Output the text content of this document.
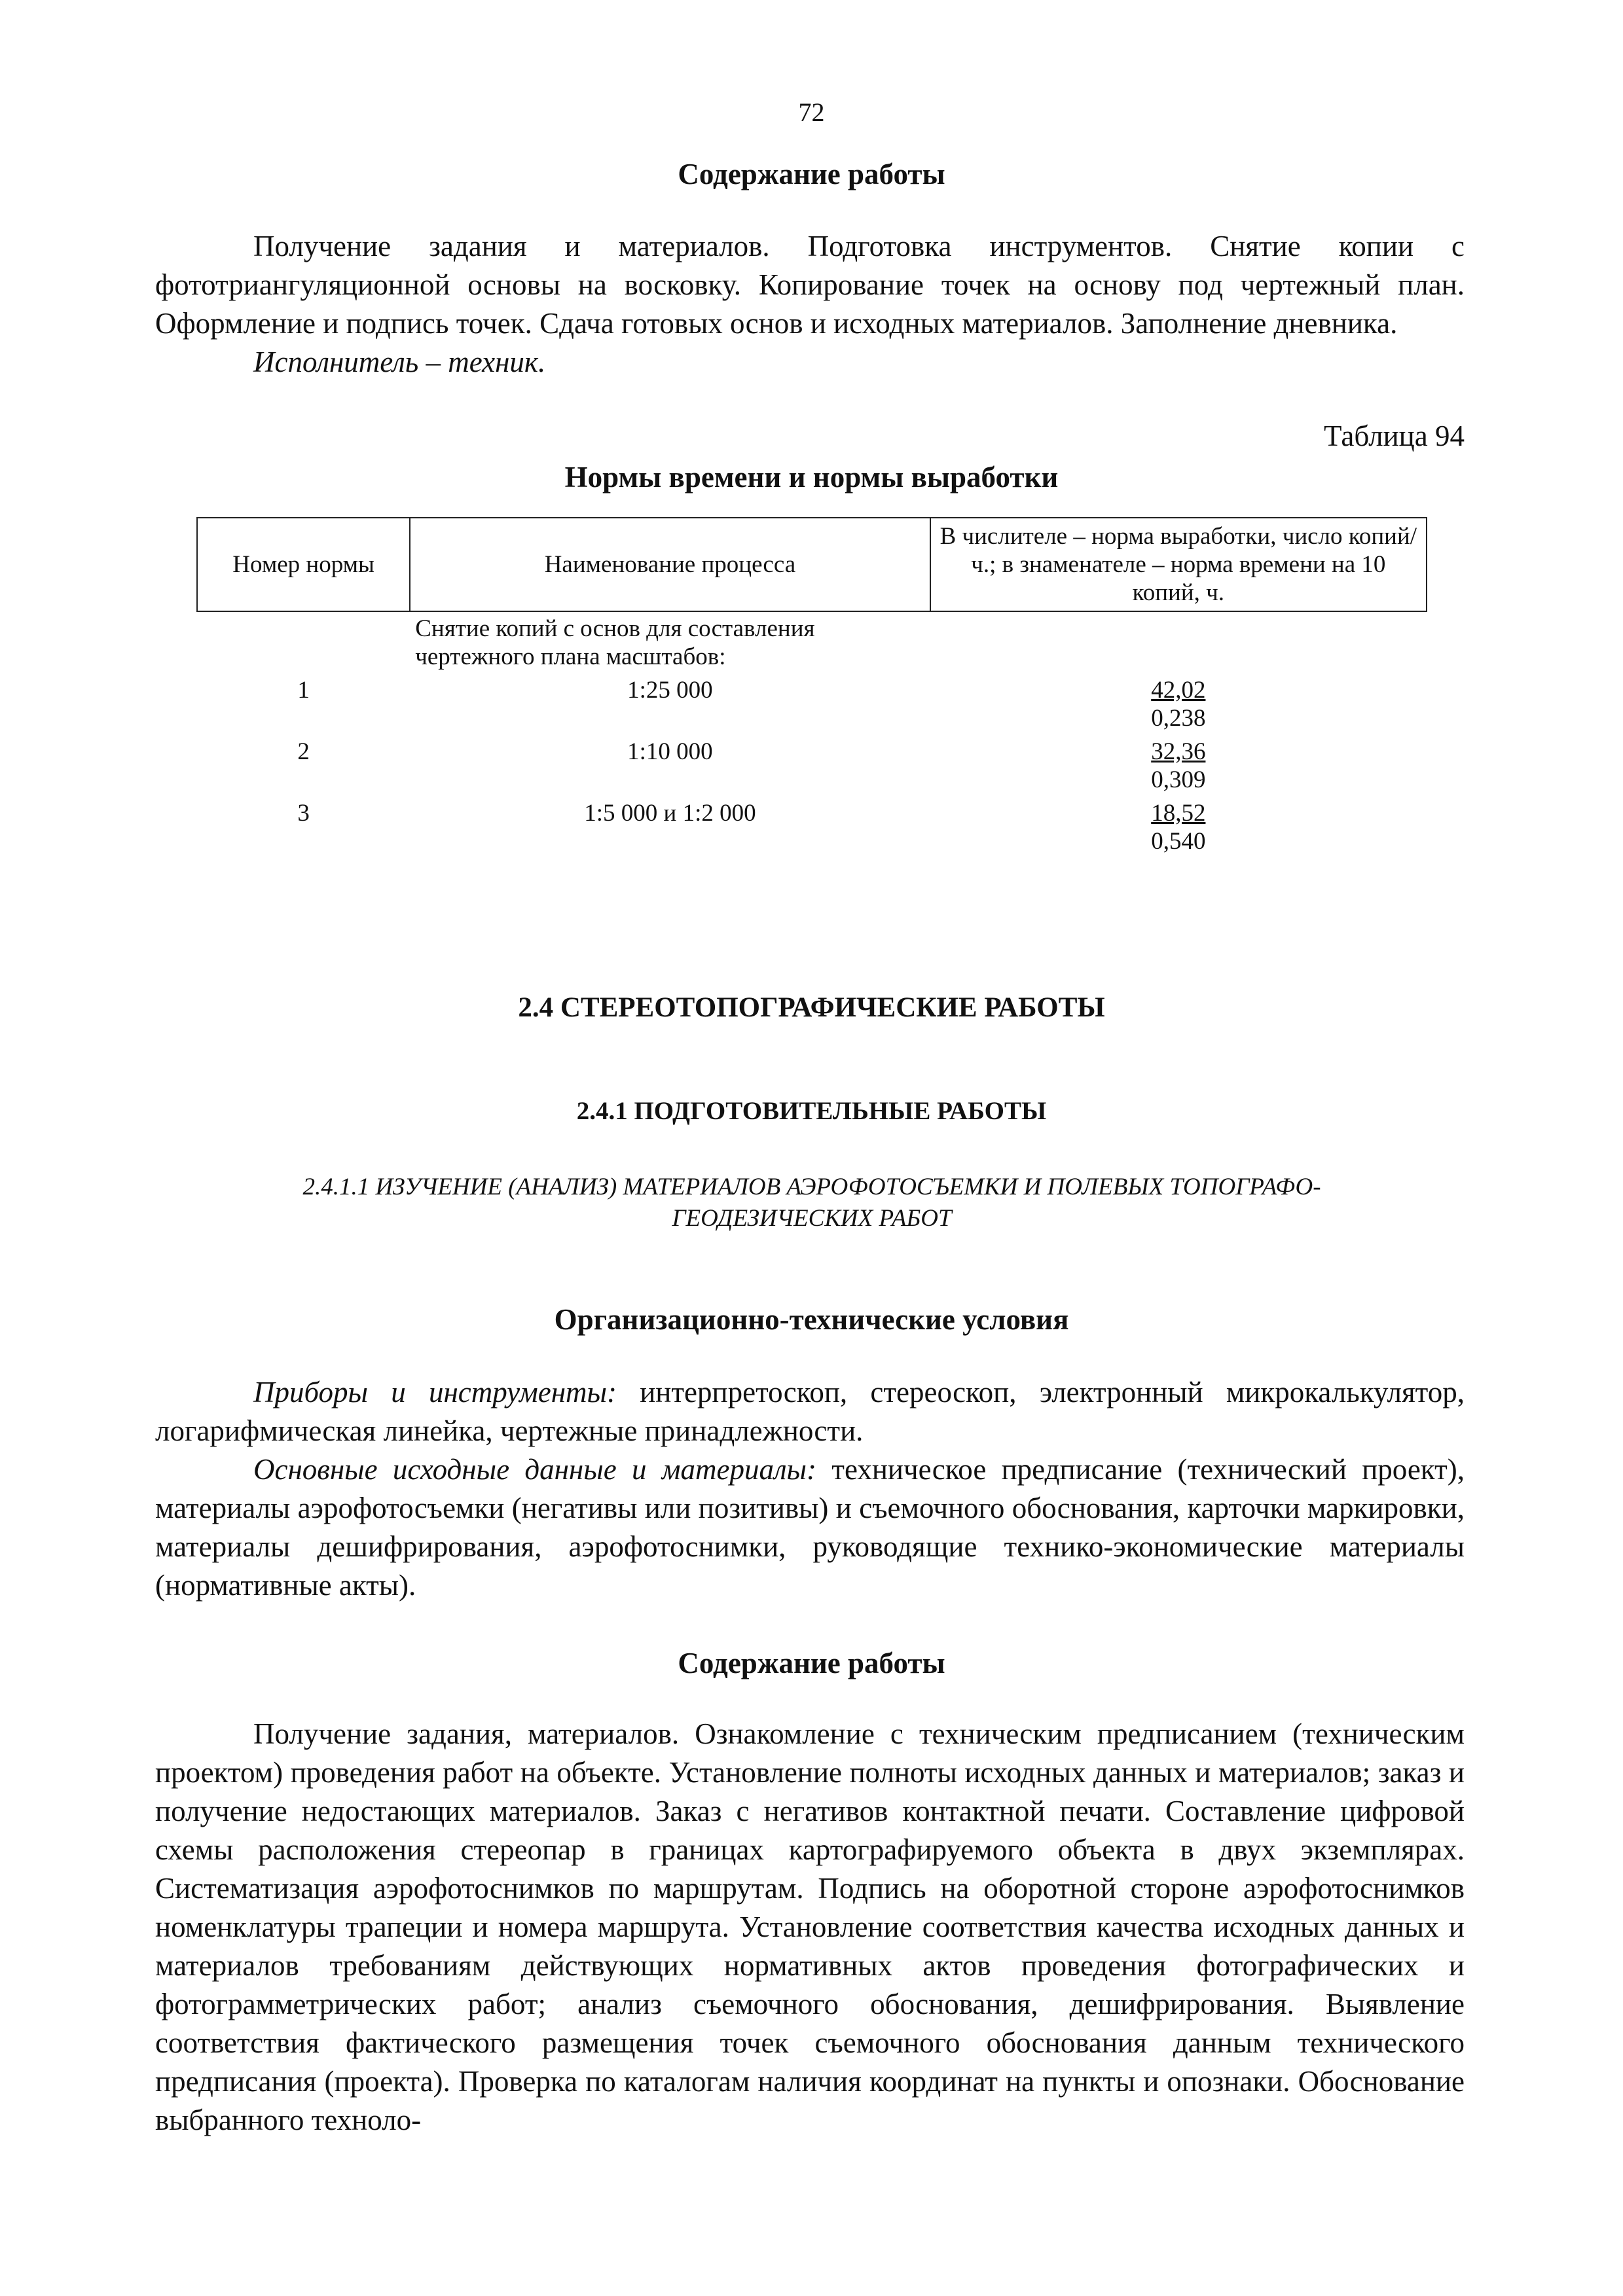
72
Содержание работы

Получение задания и материалов. Подготовка инструментов. Снятие копии с фототриангуляционной основы на восковку. Копирование точек на основу под чертежный план. Оформление и подпись точек. Сдача готовых основ и исходных материалов. Заполнение дневника.

Исполнитель – техник.

Таблица 94
Нормы времени и нормы выработки
Номер нормы	Наименование процесса	В числителе – норма выработки, число копий/ч.; в знаменателе – норма времени на 10 копий, ч.
	Снятие копий с основ для составления чертежного плана масштабов:	

1	1:25 000	$\frac{42,02}{0,238}$

2	1:10 000	$\frac{32,36}{0,309}$

3	1:5 000 и 1:2 000	$\frac{18,52}{0,540}$
2.4 СТЕРЕОТОПОГРАФИЧЕСКИЕ РАБОТЫ
2.4.1 ПОДГОТОВИТЕЛЬНЫЕ РАБОТЫ
2.4.1.1 ИЗУЧЕНИЕ (АНАЛИЗ) МАТЕРИАЛОВ АЭРОФОТОСЪЕМКИ И ПОЛЕВЫХ ТОПОГРАФО-
ГЕОДЕЗИЧЕСКИХ РАБОТ
Организационно-технические условия

Приборы и инструменты: интерпретоскоп, стереоскоп, электронный микрокалькулятор, логарифмическая линейка, чертежные принадлежности.

Основные исходные данные и материалы: техническое предписание (технический проект), материалы аэрофотосъемки (негативы или позитивы) и съемочного обоснования, карточки маркировки, материалы дешифрирования, аэрофотоснимки, руководящие технико-экономические материалы (нормативные акты).

Содержание работы

Получение задания, материалов. Ознакомление с техническим предписанием (техническим проектом) проведения работ на объекте. Установление полноты исходных данных и материалов; заказ и получение недостающих материалов. Заказ с негативов контактной печати. Составление цифровой схемы расположения стереопар в границах картографируемого объекта в двух экземплярах. Систематизация аэрофотоснимков по маршрутам. Подпись на оборотной стороне аэрофотоснимков номенклатуры трапеции и номера маршрута. Установление соответствия качества исходных данных и материалов требованиям действующих нормативных актов проведения фотографических и фотограмметрических работ; анализ съемочного обоснования, дешифрирования. Выявление соответствия фактического размещения точек съемочного обоснования данным технического предписания (проекта). Проверка по каталогам наличия координат на пункты и опознаки. Обоснование выбранного техноло-
